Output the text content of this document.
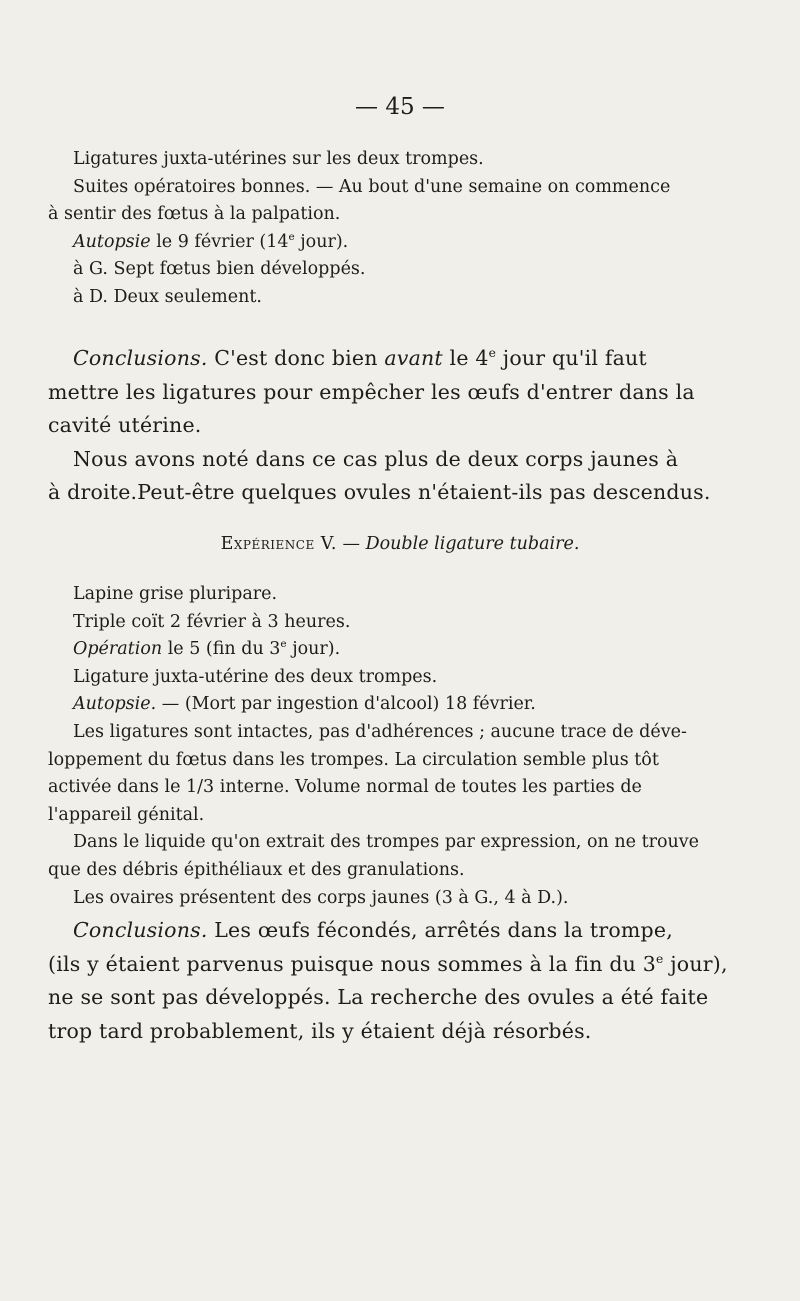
— 45 —

Ligatures juxta-utérines sur les deux trompes.

Suites opératoires bonnes. — Au bout d'une semaine on commence

à sentir des fœtus à la palpation.

Autopsie le 9 février (14e jour).

à G. Sept fœtus bien développés.

à D. Deux seulement.

Conclusions. C'est donc bien avant le 4e jour qu'il faut

mettre les ligatures pour empêcher les œufs d'entrer dans la

cavité utérine.

Nous avons noté dans ce cas plus de deux corps jaunes à

à droite.Peut-être quelques ovules n'étaient-ils pas descendus.

Expérience V. — Double ligature tubaire.

Lapine grise pluripare.

Triple coït 2 février à 3 heures.

Opération le 5 (fin du 3e jour).

Ligature juxta-utérine des deux trompes.

Autopsie. — (Mort par ingestion d'alcool) 18 février.

Les ligatures sont intactes, pas d'adhérences ; aucune trace de déve-

loppement du fœtus dans les trompes. La circulation semble plus tôt

activée dans le 1/3 interne. Volume normal de toutes les parties de

l'appareil génital.

Dans le liquide qu'on extrait des trompes par expression, on ne trouve

que des débris épithéliaux et des granulations.

Les ovaires présentent des corps jaunes (3 à G., 4 à D.).

Conclusions. Les œufs fécondés, arrêtés dans la trompe,

(ils y étaient parvenus puisque nous sommes à la fin du 3e jour),

ne se sont pas développés. La recherche des ovules a été faite

trop tard probablement, ils y étaient déjà résorbés.
